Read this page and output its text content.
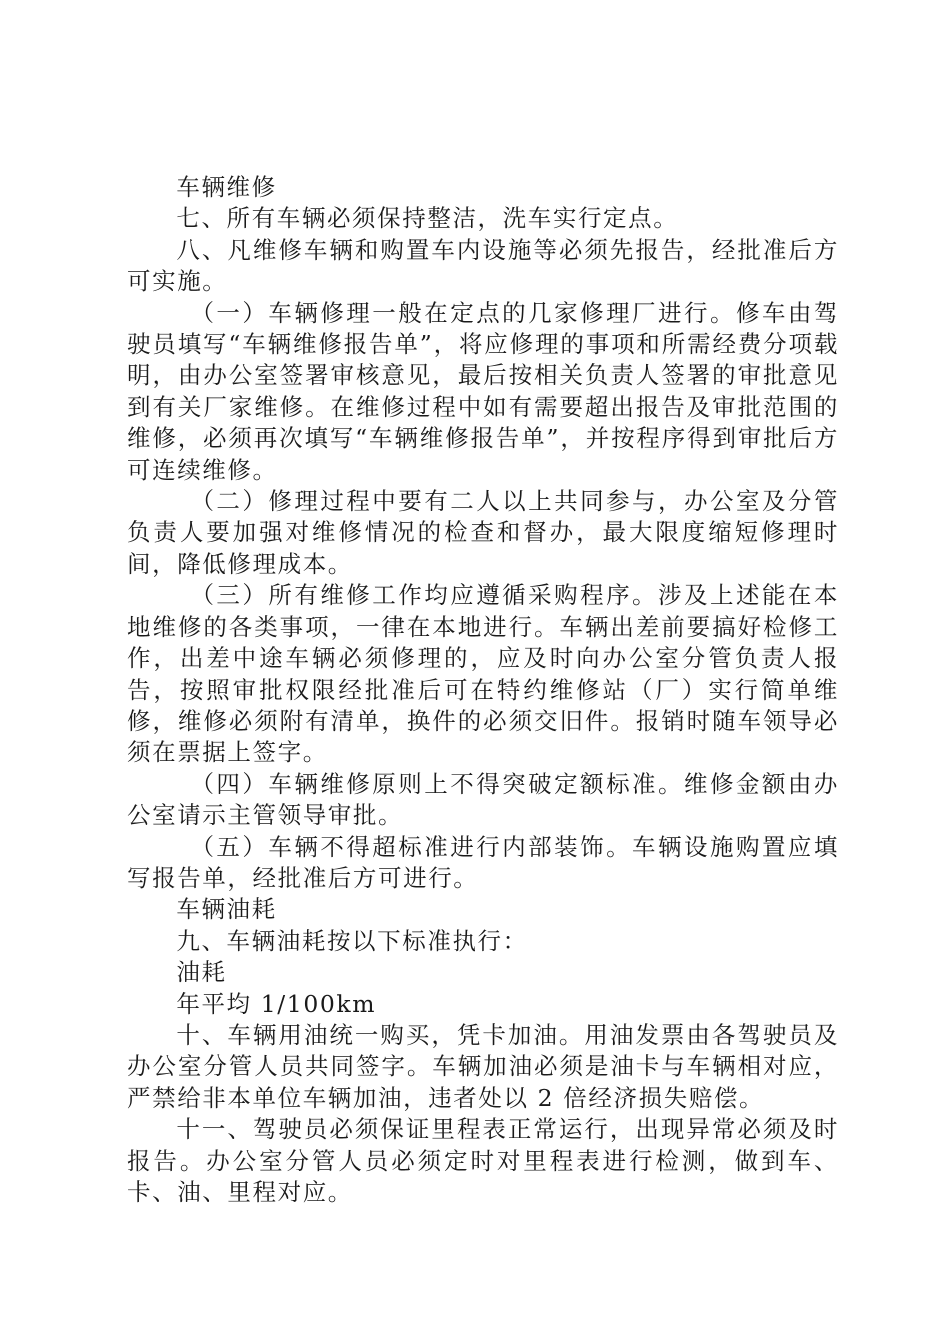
车辆维修

七、所有车辆必须保持整洁，洗车实行定点。

八、凡维修车辆和购置车内设施等必须先报告，经批准后方可实施。

（一）车辆修理一般在定点的几家修理厂进行。修车由驾驶员填写“车辆维修报告单”，将应修理的事项和所需经费分项载明，由办公室签署审核意见，最后按相关负责人签署的审批意见到有关厂家维修。在维修过程中如有需要超出报告及审批范围的维修，必须再次填写“车辆维修报告单”，并按程序得到审批后方可连续维修。

（二）修理过程中要有二人以上共同参与，办公室及分管负责人要加强对维修情况的检查和督办，最大限度缩短修理时间，降低修理成本。

（三）所有维修工作均应遵循采购程序。涉及上述能在本地维修的各类事项，一律在本地进行。车辆出差前要搞好检修工作，出差中途车辆必须修理的，应及时向办公室分管负责人报告，按照审批权限经批准后可在特约维修站（厂）实行简单维修，维修必须附有清单，换件的必须交旧件。报销时随车领导必须在票据上签字。

（四）车辆维修原则上不得突破定额标准。维修金额由办公室请示主管领导审批。

（五）车辆不得超标准进行内部装饰。车辆设施购置应填写报告单，经批准后方可进行。

车辆油耗

九、车辆油耗按以下标准执行：

油耗

年平均 1/100km

十、车辆用油统一购买，凭卡加油。用油发票由各驾驶员及办公室分管人员共同签字。车辆加油必须是油卡与车辆相对应，严禁给非本单位车辆加油，违者处以 2 倍经济损失赔偿。

十一、驾驶员必须保证里程表正常运行，出现异常必须及时报告。办公室分管人员必须定时对里程表进行检测，做到车、卡、油、里程对应。
